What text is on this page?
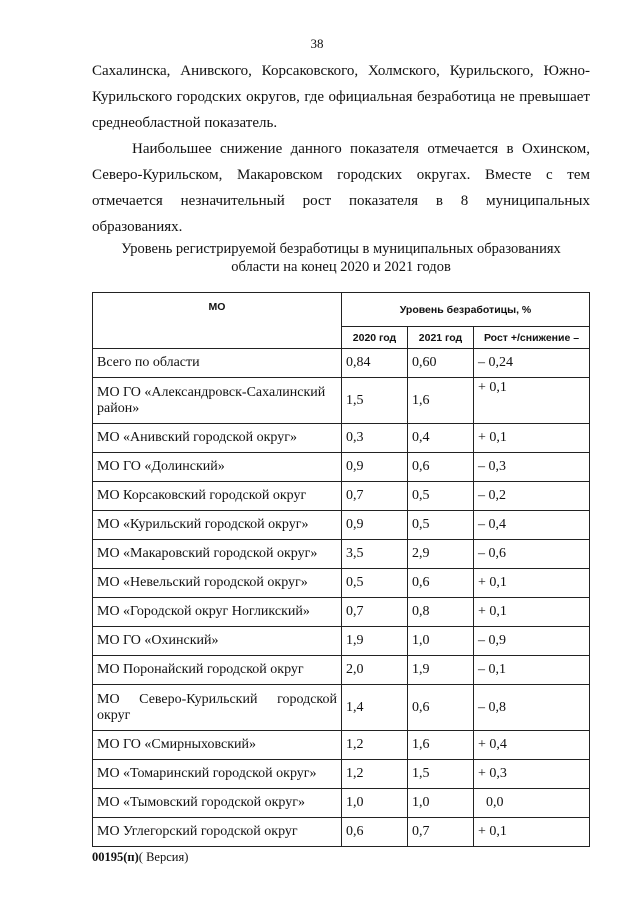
38

Сахалинска, Анивского, Корсаковского, Холмского, Курильского, Южно-Курильского городских округов, где официальная безработица не превышает среднеобластной показатель.

Наибольшее снижение данного показателя отмечается в Охинском, Северо-Курильском, Макаровском городских округах. Вместе с тем отмечается незначительный рост показателя в 8 муниципальных образованиях.

Уровень регистрируемой безработицы в муниципальных образованиях
области на конец 2020 и 2021 годов
МО	Уровень безработицы, %		
	2020 год	2021 год	Рост +/снижение –
Всего по области	0,84	0,60	– 0,24
МО ГО «Александровск-Сахалинский район»	1,5	1,6	+ 0,1
МО «Анивский городской округ»	0,3	0,4	+ 0,1
МО ГО «Долинский»	0,9	0,6	– 0,3
МО Корсаковский городской округ	0,7	0,5	– 0,2
МО «Курильский городской округ»	0,9	0,5	– 0,4
МО «Макаровский городской округ»	3,5	2,9	– 0,6
МО «Невельский городской округ»	0,5	0,6	+ 0,1
МО «Городской округ Ногликский»	0,7	0,8	+ 0,1
МО ГО «Охинский»	1,9	1,0	– 0,9
МО Поронайский городской округ	2,0	1,9	– 0,1
МО Северо-Курильский городской округ	1,4	0,6	– 0,8
МО ГО «Смирныховский»	1,2	1,6	+ 0,4
МО «Томаринский городской округ»	1,2	1,5	+ 0,3
МО «Тымовский городской округ»	1,0	1,0	0,0
МО Углегорский городской округ	0,6	0,7	+ 0,1
00195(п)( Версия)
